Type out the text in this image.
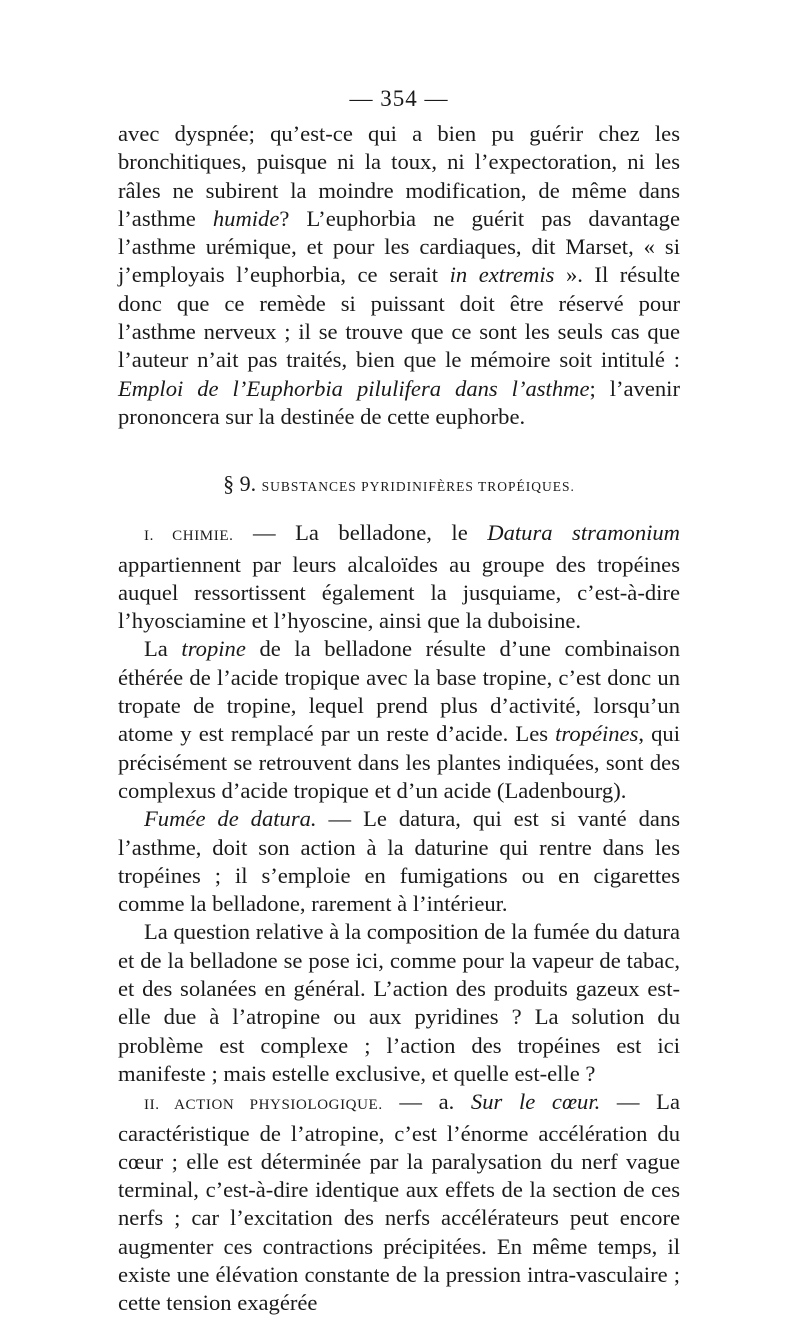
— 354 —

avec dyspnée; qu’est-ce qui a bien pu guérir chez les bronchitiques, puisque ni la toux, ni l’expectoration, ni les râles ne subirent la moindre modification, de même dans l’asthme humide? L’euphorbia ne guérit pas davantage l’asthme urémique, et pour les cardiaques, dit Marset, « si j’employais l’euphorbia, ce serait in extremis ». Il résulte donc que ce remède si puissant doit être réservé pour l’asthme nerveux ; il se trouve que ce sont les seuls cas que l’auteur n’ait pas traités, bien que le mémoire soit intitulé : Emploi de l’Euphorbia pilulifera dans l’asthme; l’avenir prononcera sur la destinée de cette euphorbe.

§ 9. SUBSTANCES PYRIDINIFÈRES TROPÉIQUES.

I. CHIMIE. — La belladone, le Datura stramonium appartiennent par leurs alcaloïdes au groupe des tropéines auquel ressortissent également la jusquiame, c’est-à-dire l’hyosciamine et l’hyoscine, ainsi que la duboisine.

La tropine de la belladone résulte d’une combinaison éthérée de l’acide tropique avec la base tropine, c’est donc un tropate de tropine, lequel prend plus d’activité, lorsqu’un atome y est remplacé par un reste d’acide. Les tropéines, qui précisément se retrouvent dans les plantes indiquées, sont des complexus d’acide tropique et d’un acide (Ladenbourg).

Fumée de datura. — Le datura, qui est si vanté dans l’asthme, doit son action à la daturine qui rentre dans les tropéines ; il s’emploie en fumigations ou en cigarettes comme la belladone, rarement à l’intérieur.

La question relative à la composition de la fumée du datura et de la belladone se pose ici, comme pour la vapeur de tabac, et des solanées en général. L’action des produits gazeux est-elle due à l’atropine ou aux pyridines ? La solution du problème est complexe ; l’action des tropéines est ici manifeste ; mais estelle exclusive, et quelle est-elle ?

II. ACTION PHYSIOLOGIQUE. — a. Sur le cœur. — La caractéristique de l’atropine, c’est l’énorme accélération du cœur ; elle est déterminée par la paralysation du nerf vague terminal, c’est-à-dire identique aux effets de la section de ces nerfs ; car l’excitation des nerfs accélérateurs peut encore augmenter ces contractions précipitées. En même temps, il existe une élévation constante de la pression intra-vasculaire ; cette tension exagérée
